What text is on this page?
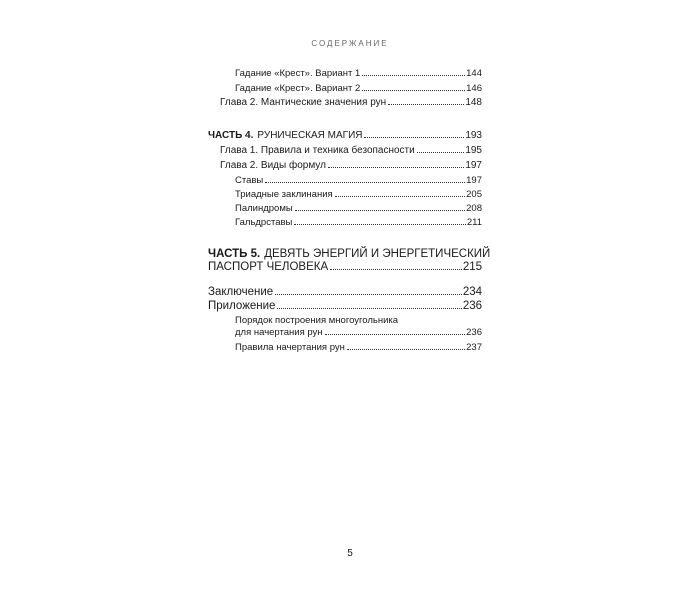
СОДЕРЖАНИЕ
Гадание «Крест». Вариант 1	144
Гадание «Крест». Вариант 2	146
Глава 2. Мантические значения рун	148
ЧАСТЬ 4. РУНИЧЕСКАЯ МАГИЯ	193
Глава 1. Правила и техника безопасности	195
Глава 2. Виды формул	197
Ставы	197
Триадные заклинания	205
Палиндромы	208
Гальдрставы	211
ЧАСТЬ 5. ДЕВЯТЬ ЭНЕРГИЙ И ЭНЕРГЕТИЧЕСКИЙ
ПАСПОРТ ЧЕЛОВЕКА	215
Заключение	234
Приложение	236
Порядок построения многоугольника
для начертания рун	236
Правила начертания рун	237
5
